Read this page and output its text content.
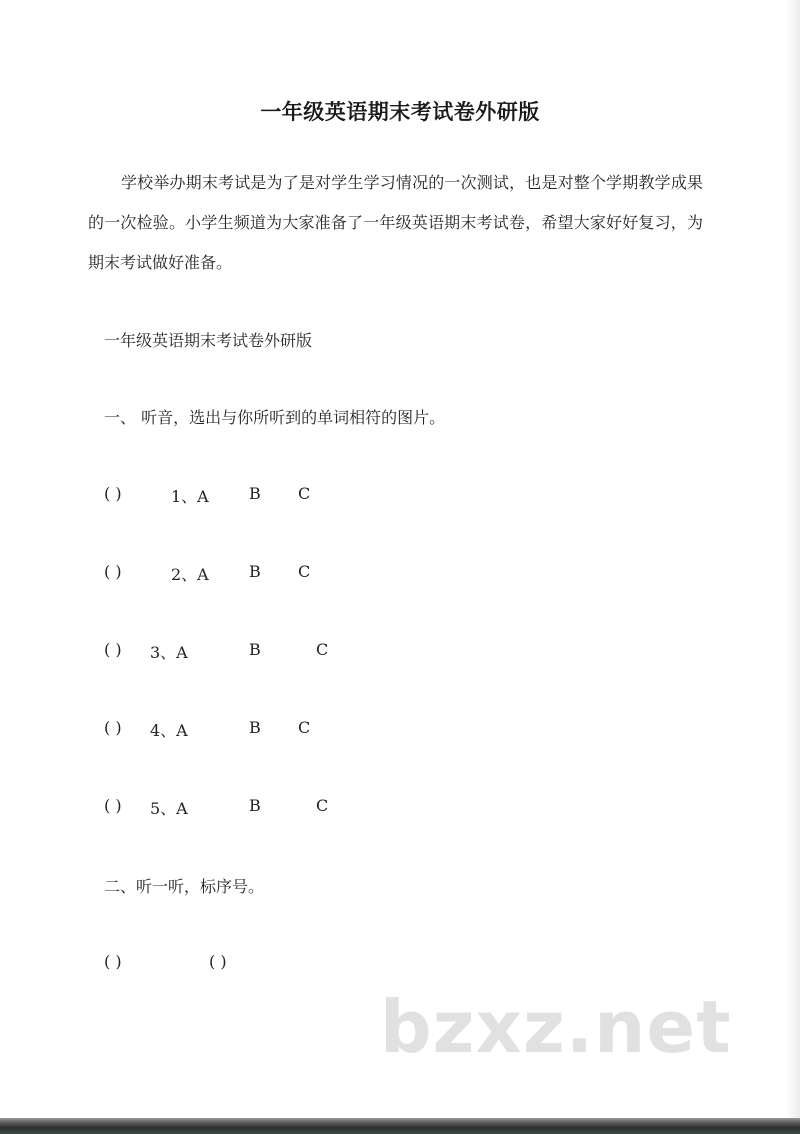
一年级英语期末考试卷外研版
学校举办期末考试是为了是对学生学习情况的一次测试，也是对整个学期教学成果的一次检验。小学生频道为大家准备了一年级英语期末考试卷，希望大家好好复习，为期末考试做好准备。
一年级英语期末考试卷外研版
一、 听音，选出与你所听到的单词相符的图片。
( )	1、A	B C
( )	2、A	B C
( ) 3、A	B	C
( ) 4、A	B C
( ) 5、A	B	C
二、听一听，标序号。
( )	( )
bzxz.net
